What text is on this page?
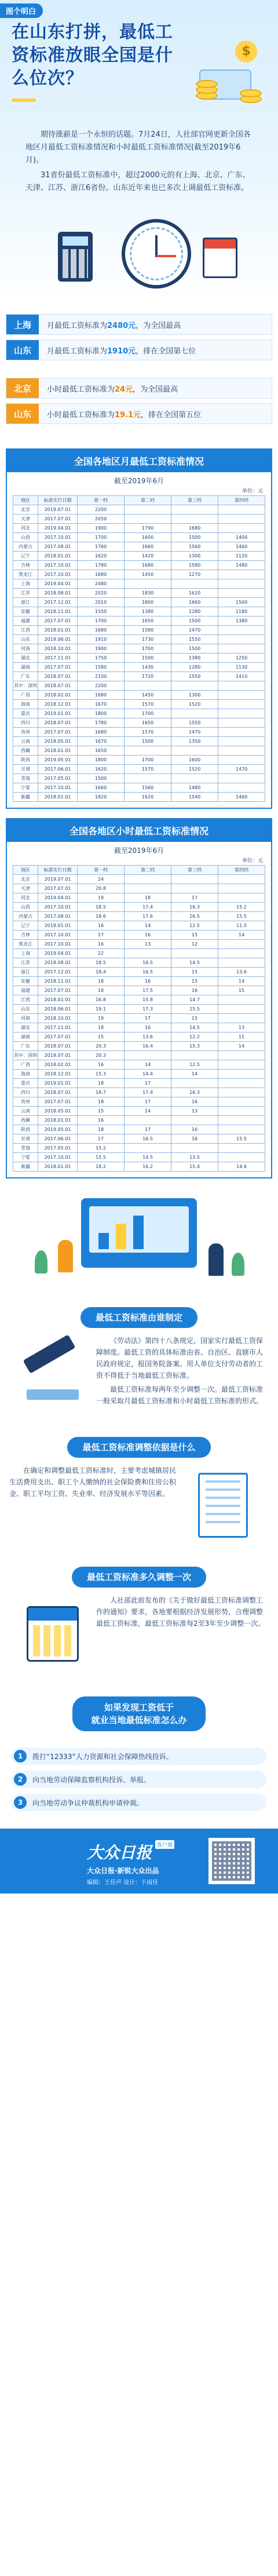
图个明白
在山东打拼，最低工资标准放眼全国是什么位次？
$

期待涨薪是一个永恒的话题。7月24日，人社部官网更新全国各地区月最低工资标准情况和小时最低工资标准情况(截至2019年6月)。

31省份最低工资标准中，超过2000元的有上海、北京、广东、天津、江苏、浙江6省份。山东近年来也已多次上调最低工资标准。

上海	月最低工资标准为 2480元 ，为全国最高
山东	月最低工资标准为 1910元 ，排在全国第七位
北京	小时最低工资标准为 24元 ，为全国最高
山东	小时最低工资标准为 19.1元 ，排在全国第五位
全国各地区月最低工资标准情况
截至2019年6月
单位：元
地区	标准实行日期	第一档	第二档	第三档	第四档
北京	2019.07.01	2200			
天津	2017.07.01	2050			
河北	2019.04.01	1900	1790	1680	
山西	2017.10.01	1700	1600	1500	1400
内蒙古	2017.08.01	1760	1660	1560	1460
辽宁	2018.01.01	1620	1420	1300	1120
吉林	2017.10.01	1780	1680	1580	1480
黑龙江	2017.10.01	1680	1450	1270	
上海	2019.04.01	2480			
江苏	2018.08.01	2020	1830	1620	
浙江	2017.12.01	2010	1800	1660	1500
安徽	2018.11.01	1550	1380	1280	1180
福建	2017.07.01	1700	1650	1500	1380
江西	2018.01.01	1680	1580	1470	
山东	2018.06.01	1910	1730	1550	
河南	2018.10.01	1900	1700	1500	
湖北	2017.11.01	1750	1500	1380	1250
湖南	2017.07.01	1580	1430	1280	1130
广东	2018.07.01	2100	1720	1550	1410
其中：深圳	2018.07.01	2200			
广西	2018.02.01	1680	1450	1300	
海南	2018.12.01	1670	1570	1520	
重庆	2019.01.01	1800	1700		
四川	2018.07.01	1780	1650	1550	
贵州	2017.07.01	1680	1570	1470	
云南	2018.05.01	1670	1500	1350	
西藏	2018.01.01	1650			
陕西	2019.05.01	1800	1700	1600	
甘肃	2017.06.01	1620	1570	1520	1470
青海	2017.05.01	1500			
宁夏	2017.10.01	1660	1560	1480	
新疆	2018.01.01	1820	1620	1540	1460
全国各地区小时最低工资标准情况
截至2019年6月
单位：元
地区	标准实行日期	第一档	第二档	第三档	第四档
北京	2019.07.01	24			
天津	2017.07.01	20.8			
河北	2019.04.01	19	18	17	
山西	2017.10.01	18.5	17.4	16.3	15.2
内蒙古	2017.08.01	18.6	17.6	16.5	15.5
辽宁	2018.01.01	16	14	12.5	11.5
吉林	2017.10.01	17	16	15	14
黑龙江	2017.10.01	16	13	12	
上海	2019.04.01	22			
江苏	2018.08.01	18.5	16.5	14.5	
浙江	2017.12.01	18.4	16.5	15	13.6
安徽	2018.11.01	18	16	15	14
福建	2017.07.01	18	17.5	16	15
江西	2018.01.01	16.8	15.8	14.7	
山东	2018.06.01	19.1	17.3	15.5	
河南	2018.10.01	19	17	15	
湖北	2017.11.01	18	16	14.5	13
湖南	2017.07.01	15	13.6	12.2	11
广东	2018.07.01	20.3	16.4	15.3	14
其中：深圳	2018.07.01	20.3			
广西	2018.02.01	16	14	12.5	
海南	2018.12.01	15.3	14.4	14	
重庆	2019.01.01	18	17		
四川	2018.07.01	18.7	17.4	16.3	
贵州	2017.07.01	18	17	16	
云南	2018.05.01	15	14	13	
西藏	2018.01.01	16			
陕西	2019.05.01	18	17	16	
甘肃	2017.06.01	17	16.5	16	15.5
青海	2017.05.01	15.2			
宁夏	2017.10.01	15.5	14.5	13.5	
新疆	2018.01.01	18.2	16.2	15.4	14.6
最低工资标准由谁制定

《劳动法》第四十八条规定，国家实行最低工资保障制度。最低工资的具体标准由省、自治区、直辖市人民政府规定，报国务院备案。用人单位支付劳动者的工资不得低于当地最低工资标准。

最低工资标准每两年至少调整一次。最低工资标准一般采取月最低工资标准和小时最低工资标准的形式。

最低工资标准调整依据是什么

在确定和调整最低工资标准时，主要考虑城镇居民生活费用支出、职工个人缴纳的社会保险费和住房公积金、职工平均工资、失业率、经济发展水平等因素。

最低工资标准多久调整一次

人社部此前发布的《关于做好最低工资标准调整工作的通知》要求，各地要根据经济发展形势，合理调整最低工资标准，最低工资标准每2至3年至少调整一次。

如果发现工资低于
就业当地最低标准怎么办
1	拨打“12333”人力资源和社会保障热线投诉。
2	向当地劳动保障监察机构投诉、举报。
3	向当地劳动争议仲裁机构申请仲裁。
大众日报 客户端
大众日报·新锐大众出品
编辑：王佳声 设计：于雨佳
